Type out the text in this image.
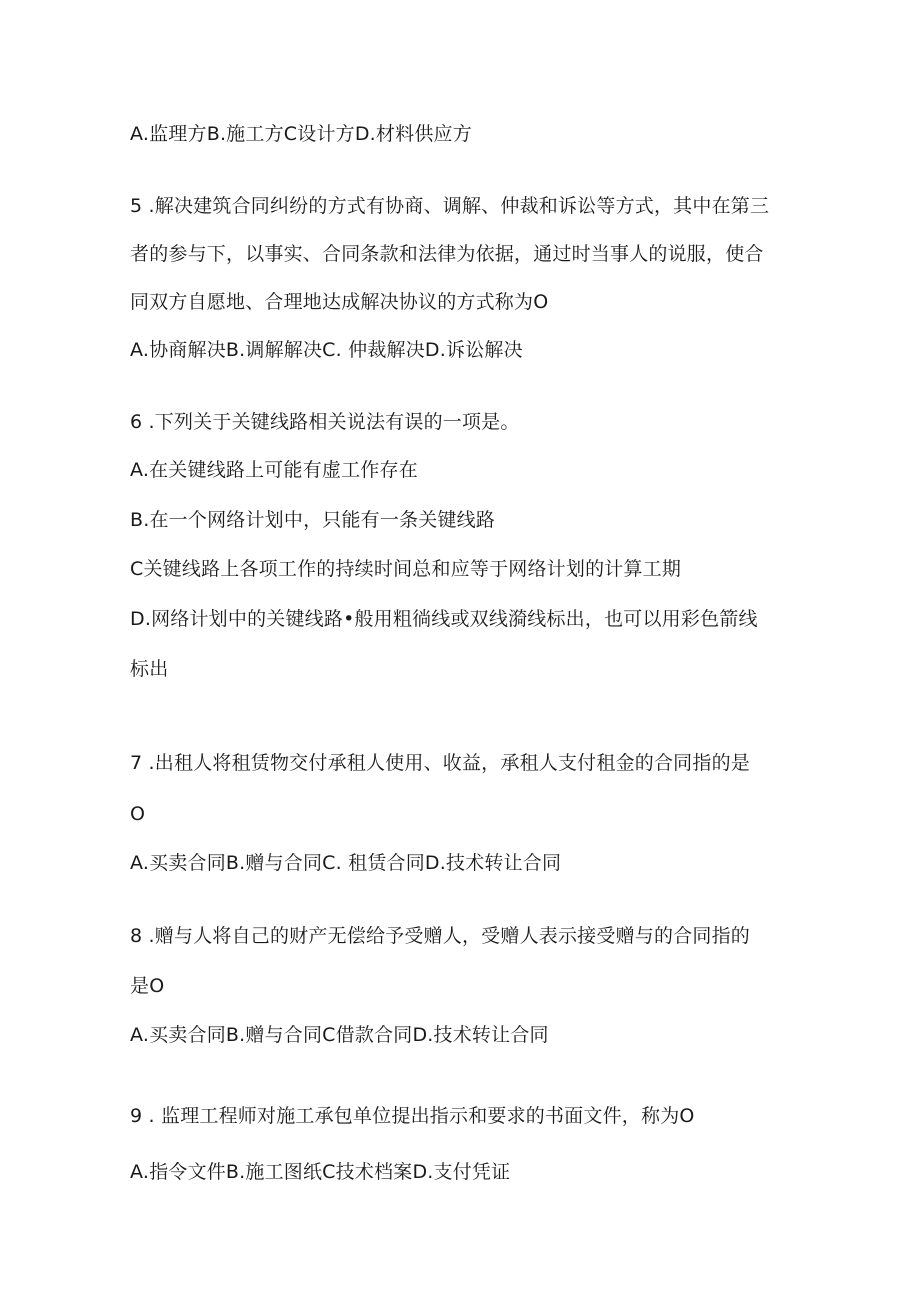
A.监理方B.施工方C设计方D.材料供应方
5 .解决建筑合同纠纷的方式有协商、调解、仲裁和诉讼等方式，其中在第三
者的参与下，以事实、合同条款和法律为依据，通过时当事人的说服，使合
同双方自愿地、合理地达成解决协议的方式称为O
A.协商解决B.调解解决C. 仲裁解决D.诉讼解决
6 .下列关于关键线路相关说法有误的一项是。
A.在关键线路上可能有虚工作存在
B.在一个网络计划中，只能有一条关键线路
C关键线路上各项工作的持续时间总和应等于网络计划的计算工期
D.网络计划中的关键线路•般用粗徜线或双线漪线标出，也可以用彩色箭线
标出
7 .出租人将租赁物交付承租人使用、收益，承租人支付租金的合同指的是
O
A.买卖合同B.赠与合同C. 租赁合同D.技术转让合同
8 .赠与人将自己的财产无偿给予受赠人，受赠人表示接受赠与的合同指的
是O
A.买卖合同B.赠与合同C借款合同D.技术转让合同
9 . 监理工程师对施工承包单位提出指示和要求的书面文件，称为O
A.指令文件B.施工图纸C技术档案D.支付凭证
